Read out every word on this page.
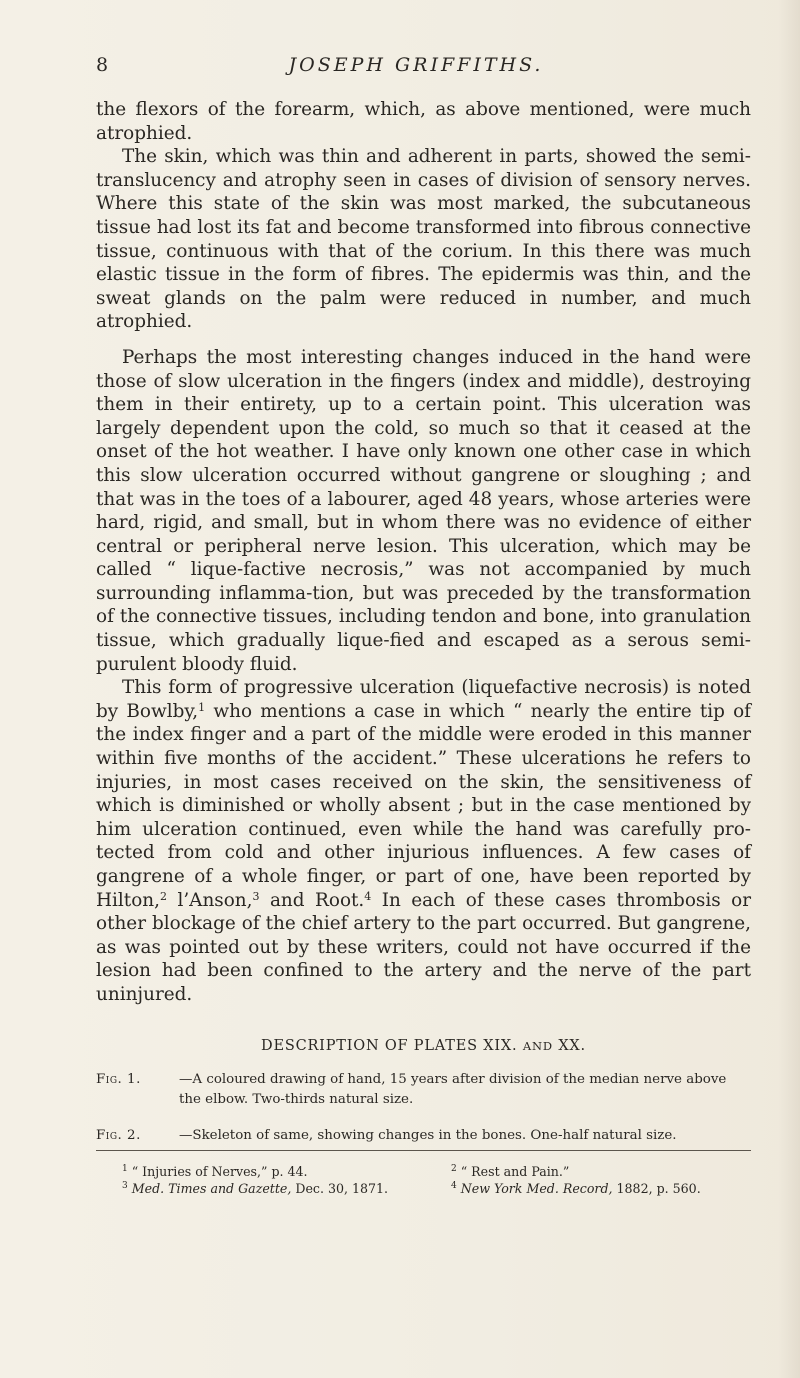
8	JOSEPH GRIFFITHS.

the flexors of the forearm, which, as above mentioned, were much atrophied.

The skin, which was thin and adherent in parts, showed the semi-translucency and atrophy seen in cases of division of sensory nerves. Where this state of the skin was most marked, the subcutaneous tissue had lost its fat and become transformed into fibrous connective tissue, continuous with that of the corium. In this there was much elastic tissue in the form of fibres. The epidermis was thin, and the sweat glands on the palm were reduced in number, and much atrophied.

Perhaps the most interesting changes induced in the hand were those of slow ulceration in the fingers (index and middle), destroying them in their entirety, up to a certain point. This ulceration was largely dependent upon the cold, so much so that it ceased at the onset of the hot weather. I have only known one other case in which this slow ulceration occurred without gangrene or sloughing ; and that was in the toes of a labourer, aged 48 years, whose arteries were hard, rigid, and small, but in whom there was no evidence of either central or peripheral nerve lesion. This ulceration, which may be called “ lique-factive necrosis,” was not accompanied by much surrounding inflamma-tion, but was preceded by the transformation of the connective tissues, including tendon and bone, into granulation tissue, which gradually lique-fied and escaped as a serous semi-purulent bloody fluid.

This form of progressive ulceration (liquefactive necrosis) is noted by Bowlby,$^1$ who mentions a case in which “ nearly the entire tip of the index finger and a part of the middle were eroded in this manner within five months of the accident.” These ulcerations he refers to injuries, in most cases received on the skin, the sensitiveness of which is diminished or wholly absent ; but in the case mentioned by him ulceration continued, even while the hand was carefully pro-tected from cold and other injurious influences. A few cases of gangrene of a whole finger, or part of one, have been reported by Hilton,$^2$ l’Anson,$^3$ and Root.$^4$ In each of these cases thrombosis or other blockage of the chief artery to the part occurred. But gangrene, as was pointed out by these writers, could not have occurred if the lesion had been confined to the artery and the nerve of the part uninjured.

DESCRIPTION OF PLATES XIX. AND XX.
Fig. 1.	—A coloured drawing of hand, 15 years after division of the median nerve above the elbow. Two-thirds natural size.
Fig. 2.	—Skeleton of same, showing changes in the bones. One-half natural size.
$^1$ “ Injuries of Nerves,” p. 44.	$^2$ “ Rest and Pain.”
$^3$ Med. Times and Gazette, Dec. 30, 1871.	$^4$ New York Med. Record, 1882, p. 560.
